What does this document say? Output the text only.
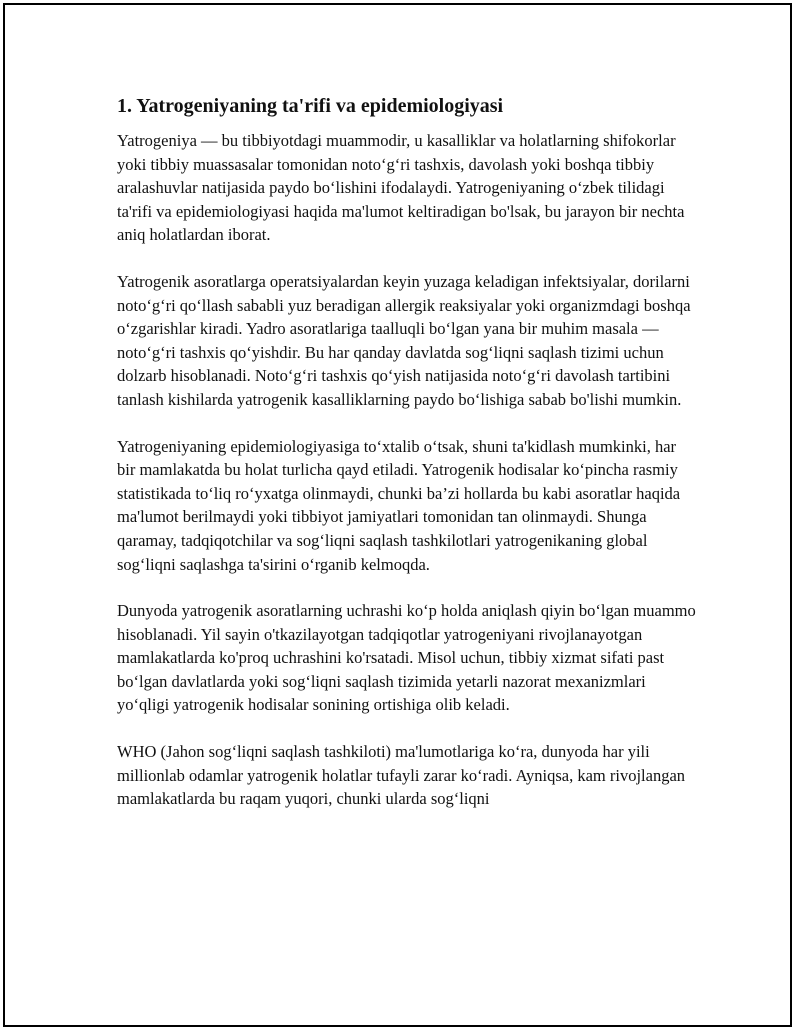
1. Yatrogeniyaning ta'rifi va epidemiologiyasi

Yatrogeniya — bu tibbiyotdagi muammodir, u kasalliklar va holatlarning shifokorlar yoki tibbiy muassasalar tomonidan noto‘g‘ri tashxis, davolash yoki boshqa tibbiy aralashuvlar natijasida paydo bo‘lishini ifodalaydi. Yatrogeniyaning o‘zbek tilidagi ta'rifi va epidemiologiyasi haqida ma'lumot keltiradigan bo'lsak, bu jarayon bir nechta aniq holatlardan iborat.

Yatrogenik asoratlarga operatsiyalardan keyin yuzaga keladigan infektsiyalar, dorilarni noto‘g‘ri qo‘llash sababli yuz beradigan allergik reaksiyalar yoki organizmdagi boshqa o‘zgarishlar kiradi. Yadro asoratlariga taalluqli bo‘lgan yana bir muhim masala — noto‘g‘ri tashxis qo‘yishdir. Bu har qanday davlatda sog‘liqni saqlash tizimi uchun dolzarb hisoblanadi. Noto‘g‘ri tashxis qo‘yish natijasida noto‘g‘ri davolash tartibini tanlash kishilarda yatrogenik kasalliklarning paydo bo‘lishiga sabab bo'lishi mumkin.

Yatrogeniyaning epidemiologiyasiga to‘xtalib o‘tsak, shuni ta'kidlash mumkinki, har bir mamlakatda bu holat turlicha qayd etiladi. Yatrogenik hodisalar ko‘pincha rasmiy statistikada to‘liq ro‘yxatga olinmaydi, chunki ba’zi hollarda bu kabi asoratlar haqida ma'lumot berilmaydi yoki tibbiyot jamiyatlari tomonidan tan olinmaydi. Shunga qaramay, tadqiqotchilar va sog‘liqni saqlash tashkilotlari yatrogenikaning global sog‘liqni saqlashga ta'sirini o‘rganib kelmoqda.

Dunyoda yatrogenik asoratlarning uchrashi ko‘p holda aniqlash qiyin bo‘lgan muammo hisoblanadi. Yil sayin o'tkazilayotgan tadqiqotlar yatrogeniyani rivojlanayotgan mamlakatlarda ko'proq uchrashini ko'rsatadi. Misol uchun, tibbiy xizmat sifati past bo‘lgan davlatlarda yoki sog‘liqni saqlash tizimida yetarli nazorat mexanizmlari yo‘qligi yatrogenik hodisalar sonining ortishiga olib keladi.

WHO (Jahon sog‘liqni saqlash tashkiloti) ma'lumotlariga ko‘ra, dunyoda har yili millionlab odamlar yatrogenik holatlar tufayli zarar ko‘radi. Ayniqsa, kam rivojlangan mamlakatlarda bu raqam yuqori, chunki ularda sog‘liqni
